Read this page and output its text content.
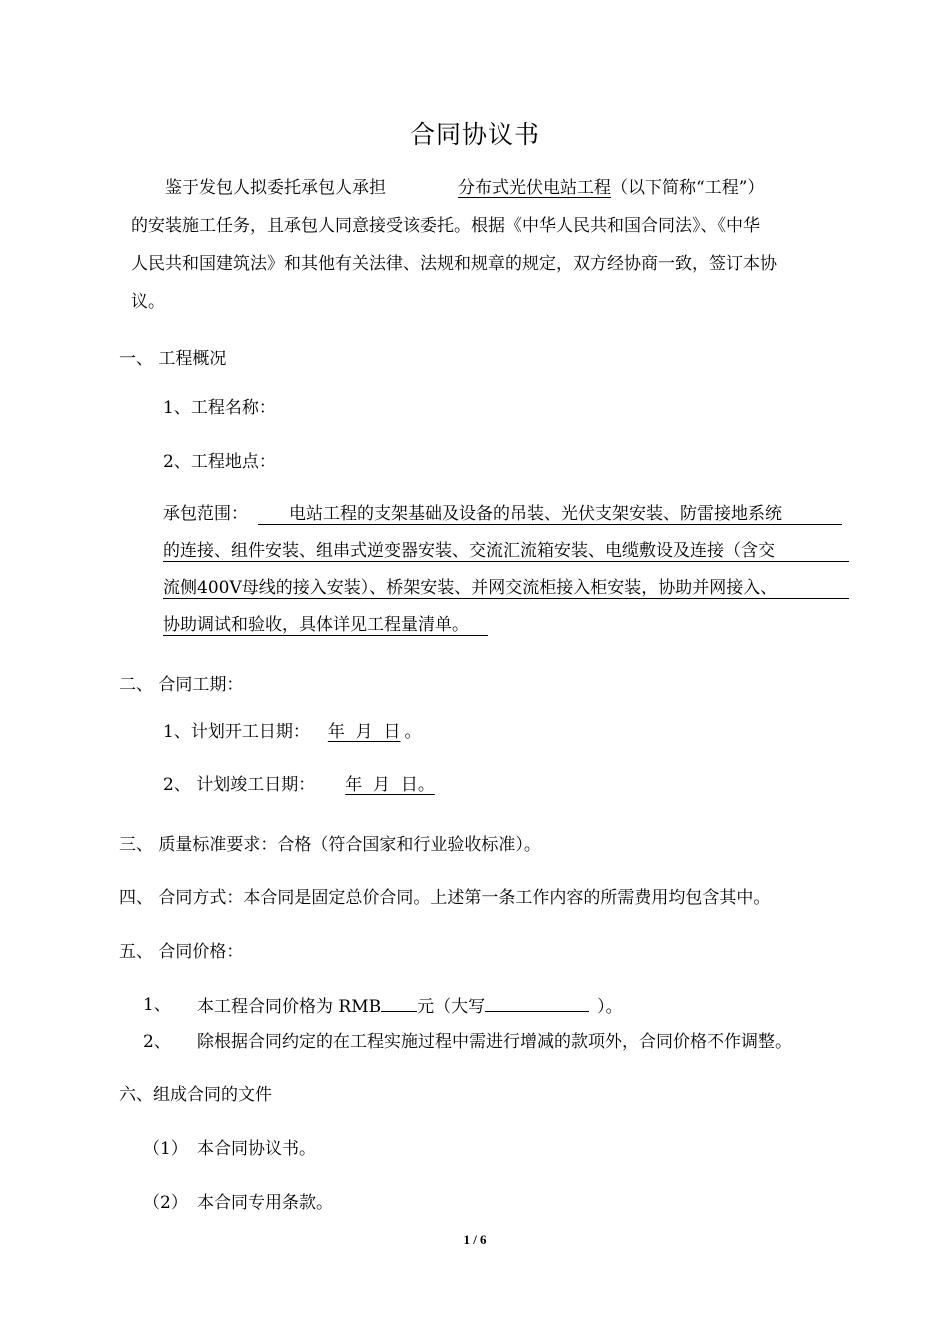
合同协议书
鉴于发包人拟委托承包人承担	分布式光伏电站工程（以下简称“工程”）
的安装施工任务，且承包人同意接受该委托。根据《中华人民共和国合同法》、《中华
人民共和国建筑法》和其他有关法律、法规和规章的规定，双方经协商一致，签订本协
议。
一、 工程概况
1、工程名称：
2、工程地点：
承包范围： 电站工程的支架基础及设备的吊装、光伏支架安装、防雷接地系统
的连接、组件安装、组串式逆变器安装、交流汇流箱安装、电缆敷设及连接（含交
流侧400V母线的接入安装）、桥架安装、并网交流柜接入柜安装，协助并网接入、
协助调试和验收，具体详见工程量清单。
二、 合同工期：
1、计划开工日期： 年  月  日 。
2、 计划竣工日期： 年  月  日。
三、 质量标准要求：合格（符合国家和行业验收标准）。
四、 合同方式：本合同是固定总价合同。上述第一条工作内容的所需费用均包含其中。
五、 合同价格：
1、 本工程合同价格为 RMB 元（大写	）。
2、 除根据合同约定的在工程实施过程中需进行增减的款项外，合同价格不作调整。
六、组成合同的文件
（1） 本合同协议书。
（2） 本合同专用条款。
1 / 6
